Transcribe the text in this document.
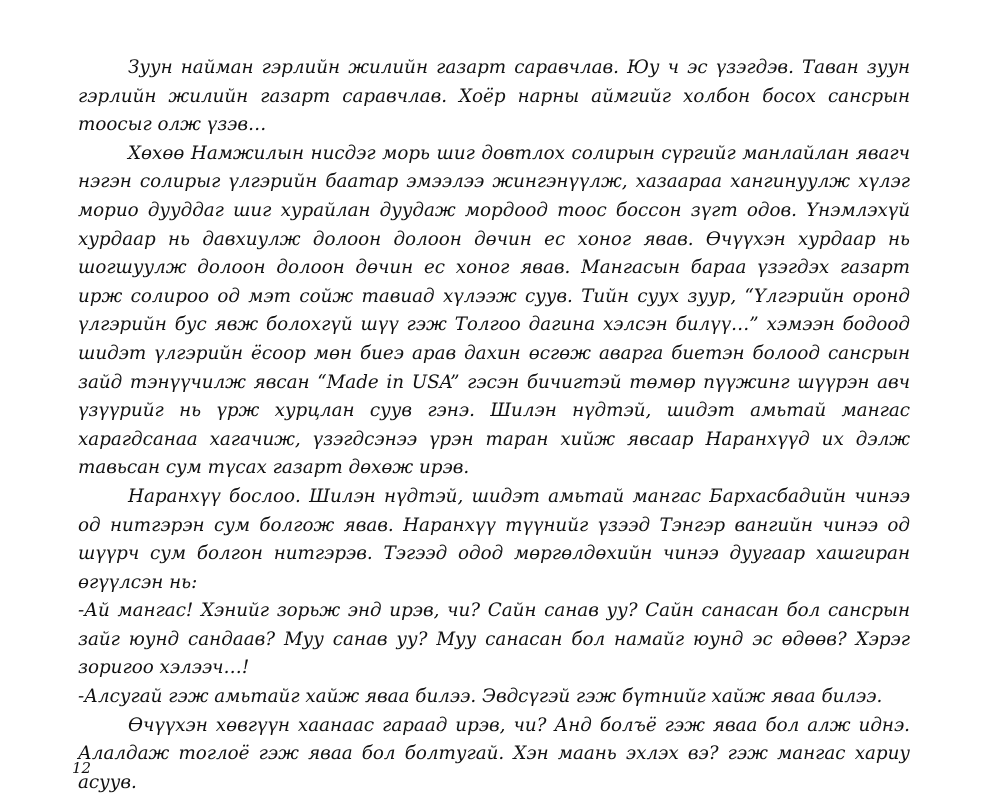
Зуун найман гэрлийн жилийн газарт саравчлав. Юу ч эс үзэгдэв. Таван зуун гэрлийн жилийн газарт саравчлав. Хоёр нарны аймгийг холбон босох сансрын тоосыг олж үзэв…

Хөхөө Намжилын нисдэг морь шиг довтлох солирын сүргийг манлайлан явагч нэгэн солирыг үлгэрийн баатар эмээлээ жингэнүүлж, хазаараа хангинуулж хүлэг морио дууддаг шиг хурайлан дуудаж мордоод тоос боссон зүгт одов. Үнэмлэхүй хурдаар нь давхиулж долоон долоон дөчин ес хоног явав. Өчүүхэн хурдаар нь шогшуулж долоон долоон дөчин ес хоног явав. Мангасын бараа үзэгдэх газарт ирж солироо од мэт сойж тавиад хүлээж суув. Тийн суух зуур, “Үлгэрийн оронд үлгэрийн бус явж болохгүй шүү гэж Толгоо дагина хэлсэн билүү…” хэмээн бодоод шидэт үлгэрийн ёсоор мөн биеэ арав дахин өсгөж аварга биетэн болоод сансрын зайд тэнүүчилж явсан “Made in USA” гэсэн бичигтэй төмөр пүүжинг шүүрэн авч үзүүрийг нь үрж хурцлан суув гэнэ. Шилэн нүдтэй, шидэт амьтай мангас харагдсанаа хагачиж, үзэгдсэнээ үрэн таран хийж явсаар Наранхүүд их дэлж тавьсан сум түсах газарт дөхөж ирэв.

Наранхүү бослоо. Шилэн нүдтэй, шидэт амьтай мангас Бархасбадийн чинээ од нитгэрэн сум болгож явав. Наранхүү түүнийг үзээд Тэнгэр вангийн чинээ од шүүрч сум болгон нитгэрэв. Тэгээд одод мөргөлдөхийн чинээ дуугаар хашгиран өгүүлсэн нь:

-Ай мангас! Хэнийг зорьж энд ирэв, чи? Сайн санав уу? Сайн санасан бол сансрын зайг юунд сандаав? Муу санав уу? Муу санасан бол намайг юунд эс өдөөв? Хэрэг зоригоо хэлээч…!

-Алсугай гэж амьтайг хайж яваа билээ. Эвдсүгэй гэж бүтнийг хайж яваа билээ.

Өчүүхэн хөвгүүн хаанаас гараад ирэв, чи? Анд болъё гэж яваа бол алж иднэ. Алалдаж тоглоё гэж яваа бол болтугай. Хэн маань эхлэх вэ? гэж мангас хариу асуув.

12
